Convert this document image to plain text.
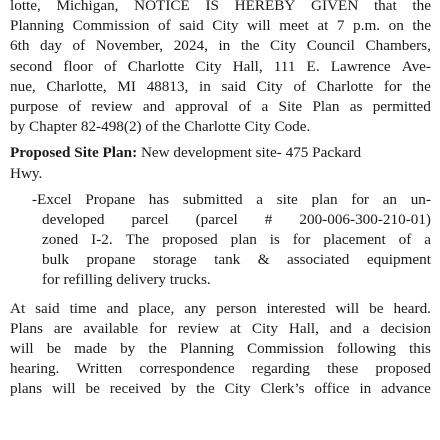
lotte, Michigan, NOTICE IS HEREBY GIVEN that the
Planning Commission of said City will meet at 7 p.m. on the
6th day of November, 2024, in the City Council Chambers,
second floor of Charlotte City Hall, 111 E. Lawrence Ave-
nue, Charlotte, MI 48813, in said City of Charlotte for the
purpose of review and approval of a Site Plan as permitted
by Chapter 82-498(2) of the Charlotte City Code.
Proposed Site Plan: New development site- 475 Packard
Hwy.
-Excel Propane has submitted a site plan for an un-
developed parcel (parcel # 200-006-300-210-01)
zoned I-2. The proposed plan is for placement of a
bulk propane storage tank & associated equipment
for refilling delivery trucks.
At said time and place, any person interested will be heard.
Plans are available for review at City Hall, and a decision
will be made by the Planning Commission following this
hearing. Written correspondence regarding these proposed
plans will be received by the City Clerk’s office in advance
